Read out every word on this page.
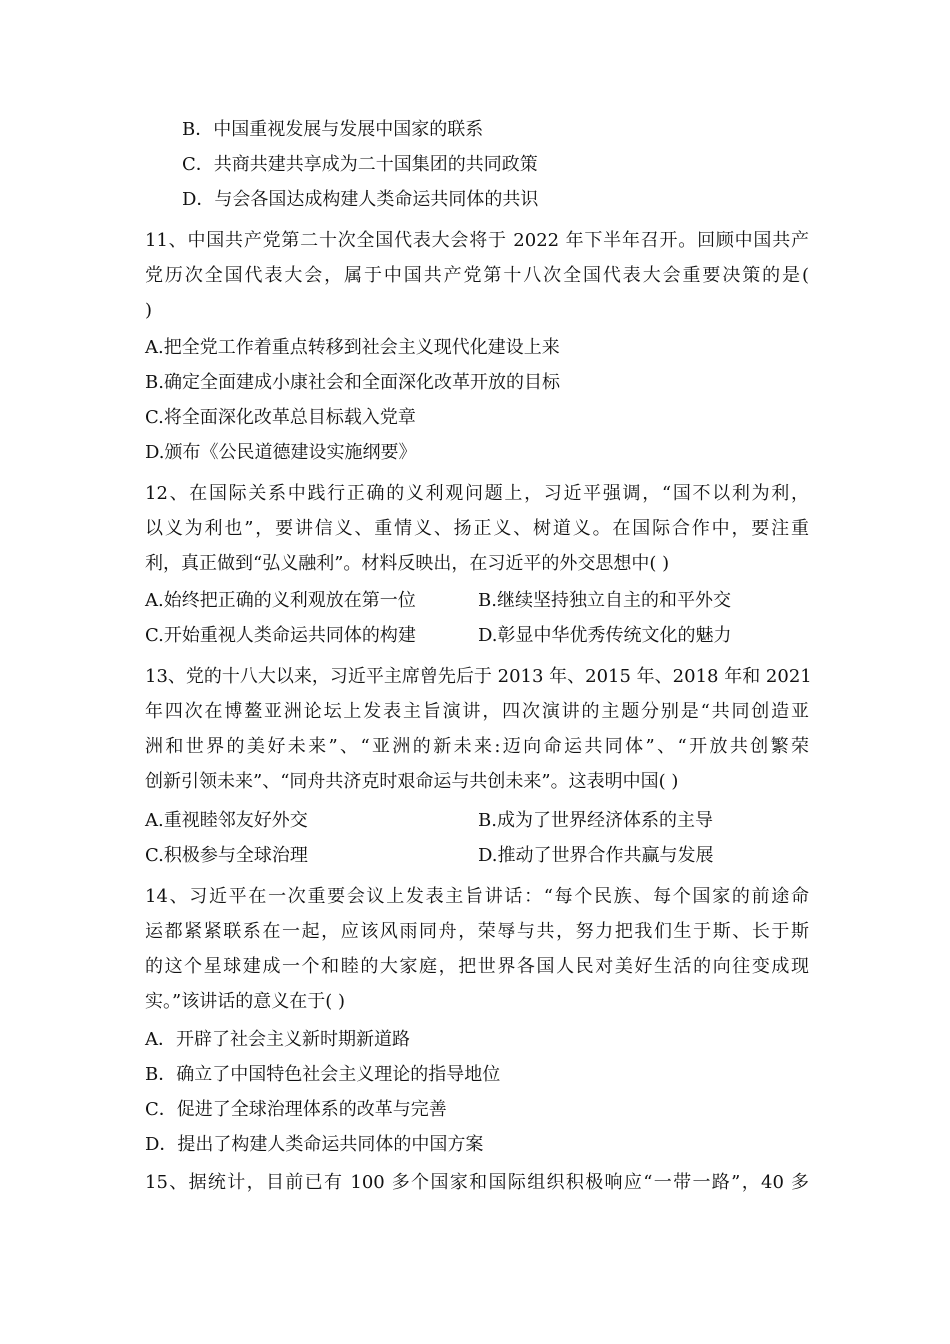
B．中国重视发展与发展中国家的联系
C．共商共建共享成为二十国集团的共同政策
D．与会各国达成构建人类命运共同体的共识
11、中国共产党第二十次全国代表大会将于 2022 年下半年召开。回顾中国共产
党历次全国代表大会，属于中国共产党第十八次全国代表大会重要决策的是(
)
A.把全党工作着重点转移到社会主义现代化建设上来
B.确定全面建成小康社会和全面深化改革开放的目标
C.将全面深化改革总目标载入党章
D.颁布《公民道德建设实施纲要》
12、在国际关系中践行正确的义利观问题上，习近平强调，“国不以利为利，
以义为利也”，要讲信义、重情义、扬正义、树道义。在国际合作中，要注重
利，真正做到“弘义融利”。材料反映出，在习近平的外交思想中( )
A.始终把正确的义利观放在第一位	B.继续坚持独立自主的和平外交
C.开始重视人类命运共同体的构建	D.彰显中华优秀传统文化的魅力
13、党的十八大以来，习近平主席曾先后于 2013 年、2015 年、2018 年和 2021
年四次在博鳌亚洲论坛上发表主旨演讲，四次演讲的主题分别是“共同创造亚
洲和世界的美好未来”、“亚洲的新未来:迈向命运共同体”、“开放共创繁荣
创新引领未来”、“同舟共济克时艰命运与共创未来”。这表明中国( )
A.重视睦邻友好外交	B.成为了世界经济体系的主导
C.积极参与全球治理	D.推动了世界合作共赢与发展
14、习近平在一次重要会议上发表主旨讲话：“每个民族、每个国家的前途命
运都紧紧联系在一起，应该风雨同舟，荣辱与共，努力把我们生于斯、长于斯
的这个星球建成一个和睦的大家庭，把世界各国人民对美好生活的向往变成现
实。”该讲话的意义在于( )
A．开辟了社会主义新时期新道路
B．确立了中国特色社会主义理论的指导地位
C．促进了全球治理体系的改革与完善
D．提出了构建人类命运共同体的中国方案
15、据统计，目前已有 100 多个国家和国际组织积极响应“一带一路”，40 多
